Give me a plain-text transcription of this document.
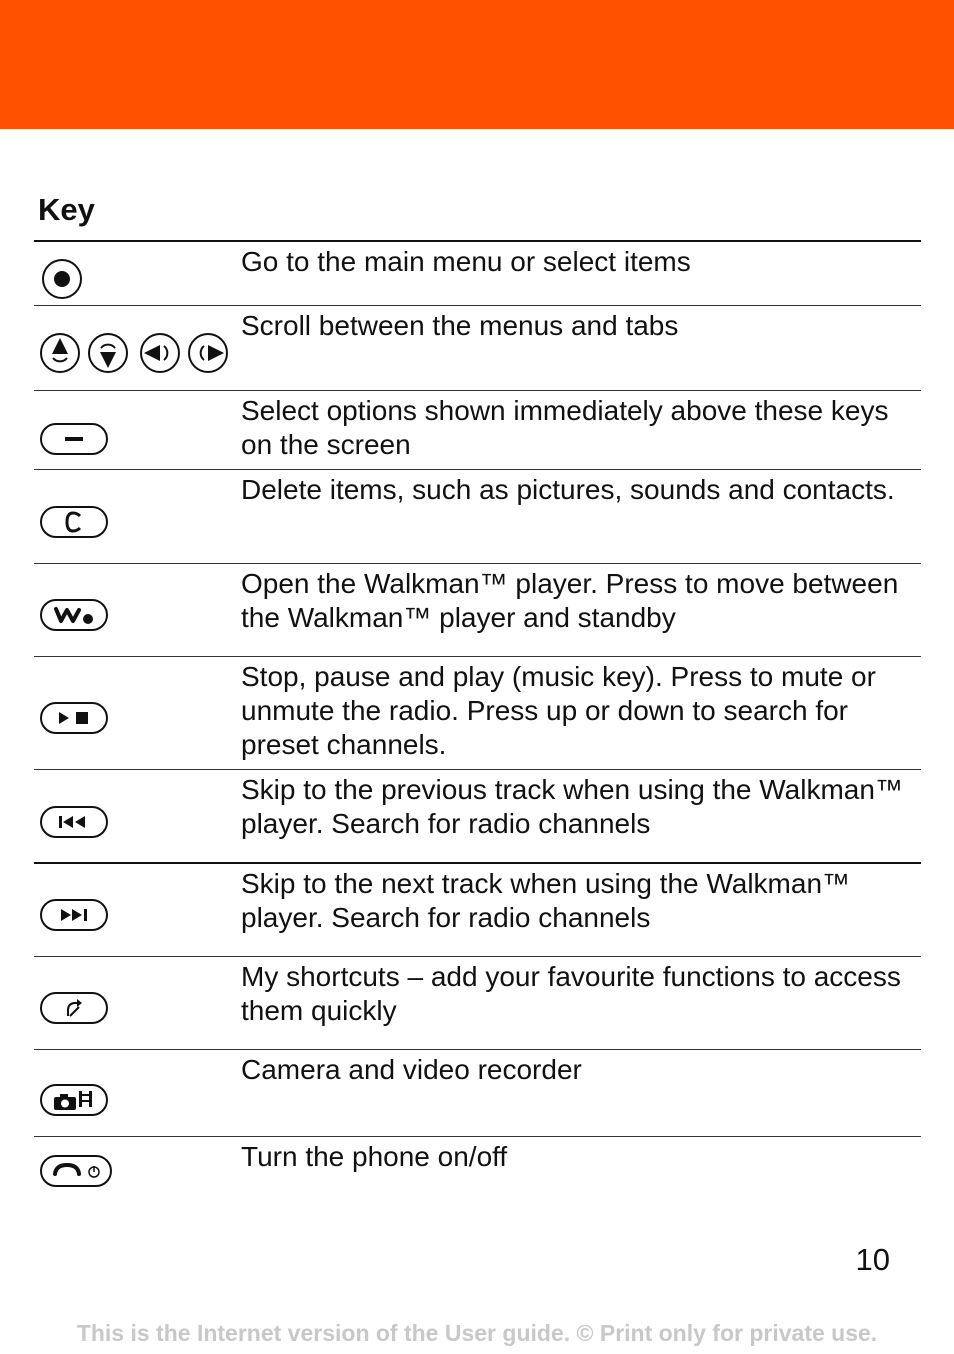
Key
Go to the main menu or select items
Scroll between the menus and tabs
Select options shown immediately above these keys on the screen
Delete items, such as pictures, sounds and contacts.
Open the Walkman™ player. Press to move between the Walkman™ player and standby
Stop, pause and play (music key). Press to mute or unmute the radio. Press up or down to search for preset channels.
Skip to the previous track when using the Walkman™ player. Search for radio channels
Skip to the next track when using the Walkman™ player. Search for radio channels
My shortcuts – add your favourite functions to access them quickly
Camera and video recorder
Turn the phone on/off
10
This is the Internet version of the User guide. © Print only for private use.
